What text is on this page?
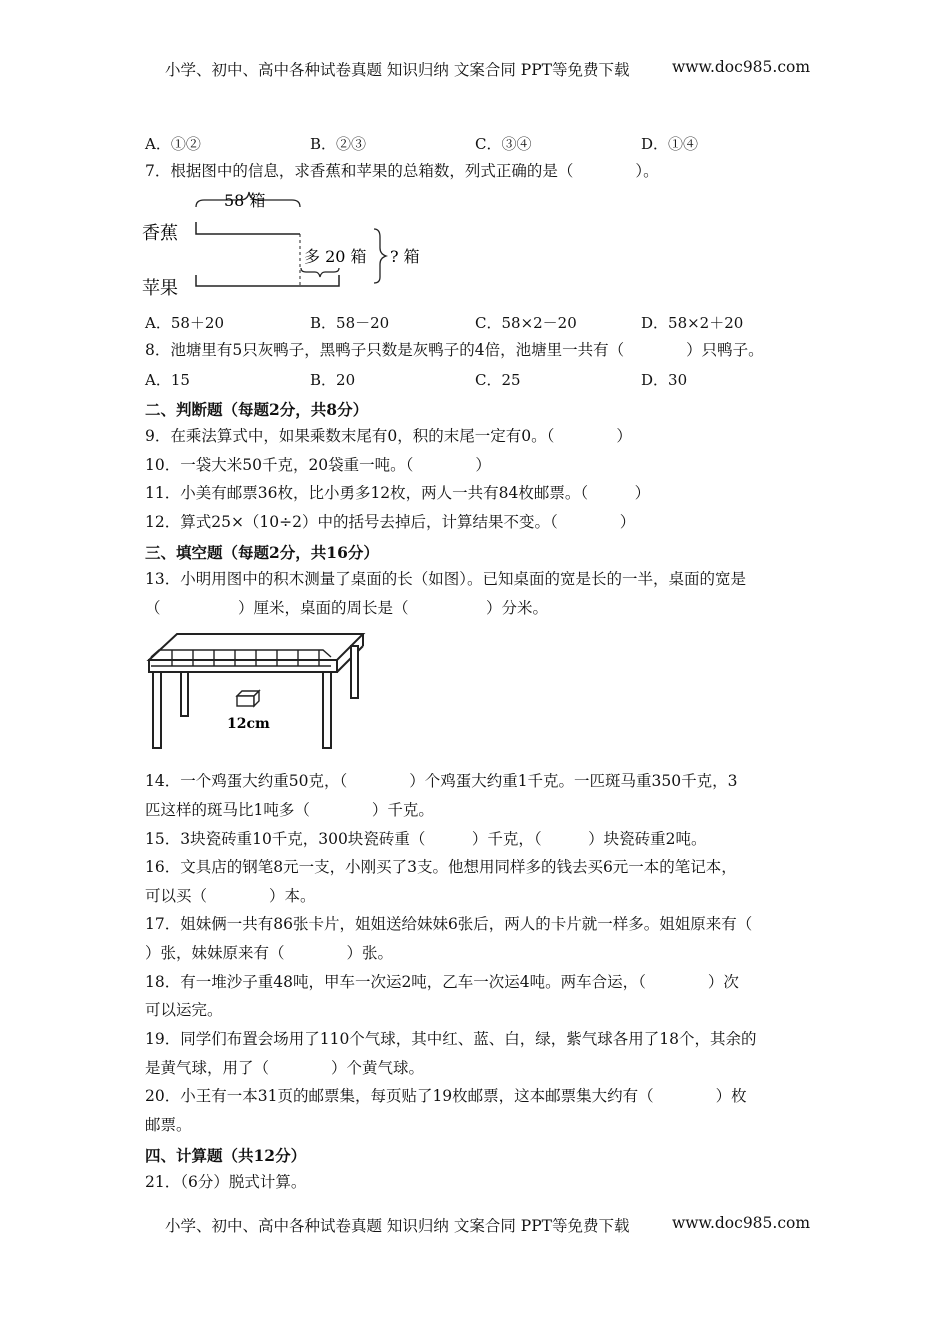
小学、初中、高中各种试卷真题 知识归纳 文案合同 PPT等免费下载	www.doc985.com
A．①②	B．②③	C．③④	D．①④
7．根据图中的信息，求香蕉和苹果的总箱数，列式正确的是（　　　　）。
58 箱
香蕉
多 20 箱 ? 箱
苹果
A．58＋20	B．58－20	C．58×2－20	D．58×2＋20
8．池塘里有5只灰鸭子，黑鸭子只数是灰鸭子的4倍，池塘里一共有（　　　　）只鸭子。
A．15	B．20	C．25	D．30
二、判断题（每题2分，共8分）
9．在乘法算式中，如果乘数末尾有0，积的末尾一定有0。（　　　　）
10．一袋大米50千克，20袋重一吨。（　　　　）
11．小美有邮票36枚，比小勇多12枚，两人一共有84枚邮票。（　　　）
12．算式25×（10÷2）中的括号去掉后，计算结果不变。（　　　　）
三、填空题（每题2分，共16分）
13．小明用图中的积木测量了桌面的长（如图）。已知桌面的宽是长的一半，桌面的宽是
（　　　　　）厘米，桌面的周长是（　　　　　）分米。
12cm
14．一个鸡蛋大约重50克，（　　　　）个鸡蛋大约重1千克。一匹斑马重350千克，3
匹这样的斑马比1吨多（　　　　）千克。
15．3块瓷砖重10千克，300块瓷砖重（　　　）千克，（　　　）块瓷砖重2吨。
16．文具店的钢笔8元一支，小刚买了3支。他想用同样多的钱去买6元一本的笔记本，
可以买（　　　　）本。
17．姐妹俩一共有86张卡片，姐姐送给妹妹6张后，两人的卡片就一样多。姐姐原来有（
）张，妹妹原来有（　　　　）张。
18．有一堆沙子重48吨，甲车一次运2吨，乙车一次运4吨。两车合运，（　　　　）次
可以运完。
19．同学们布置会场用了110个气球，其中红、蓝、白，绿，紫气球各用了18个，其余的
是黄气球，用了（　　　　）个黄气球。
20．小王有一本31页的邮票集，每页贴了19枚邮票，这本邮票集大约有（　　　　）枚
邮票。
四、计算题（共12分）
21．（6分）脱式计算。
小学、初中、高中各种试卷真题 知识归纳 文案合同 PPT等免费下载	www.doc985.com
